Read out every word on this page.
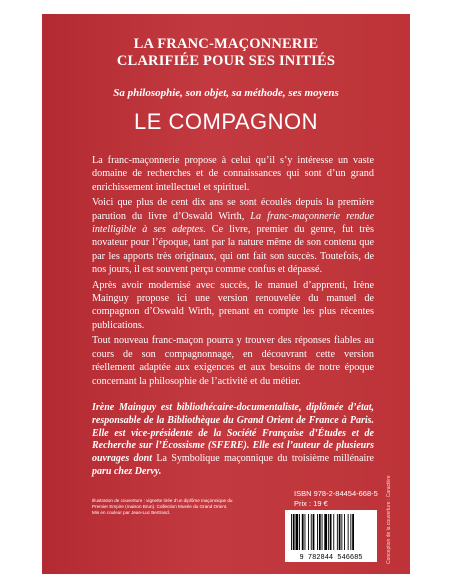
LA FRANC-MAÇONNERIE
CLARIFIÉE POUR SES INITIÉS
Sa philosophie, son objet, sa méthode, ses moyens
LE COMPAGNON

La franc-maçonnerie propose à celui qu’il s’y intéresse un vaste domaine de recherches et de connaissances qui sont d’un grand enrichissement intellectuel et spirituel.

Voici que plus de cent dix ans se sont écoulés depuis la première parution du livre d’Oswald Wirth, La franc-maçonnerie rendue intelligible à ses adeptes. Ce livre, premier du genre, fut très novateur pour l’époque, tant par la nature même de son contenu que par les apports très originaux, qui ont fait son succès. Toutefois, de nos jours, il est souvent perçu comme confus et dépassé.

Après avoir modernisé avec succès, le manuel d’apprenti, Irène Mainguy propose ici une version renouvelée du manuel de compagnon d’Oswald Wirth, prenant en compte les plus récentes publications.

Tout nouveau franc-maçon pourra y trouver des réponses fiables au cours de son compagnonnage, en découvrant cette version réellement adaptée aux exigences et aux besoins de notre époque concernant la philosophie de l’activité et du métier.

Irène Mainguy est bibliothécaire-documentaliste, diplômée d’état, responsable de la Bibliothèque du Grand Orient de France à Paris. Elle est vice-présidente de la Société Française d’Études et de Recherche sur l’Écossisme (SFERE). Elle est l’auteur de plusieurs ouvrages dont La Symbolique maçonnique du troisième millénaire paru chez Dervy.
Illustration de couverture : vignette tirée d’un diplôme maçonnique du
Premier Empire (maison Brun). Collection Musée du Grand Orient.
Mis en couleur par Jean-Luc Bertrand.
ISBN 978-2-84454-668-5
Prix : 19 €
9 782844 546685	Conception de la couverture : Caractère
